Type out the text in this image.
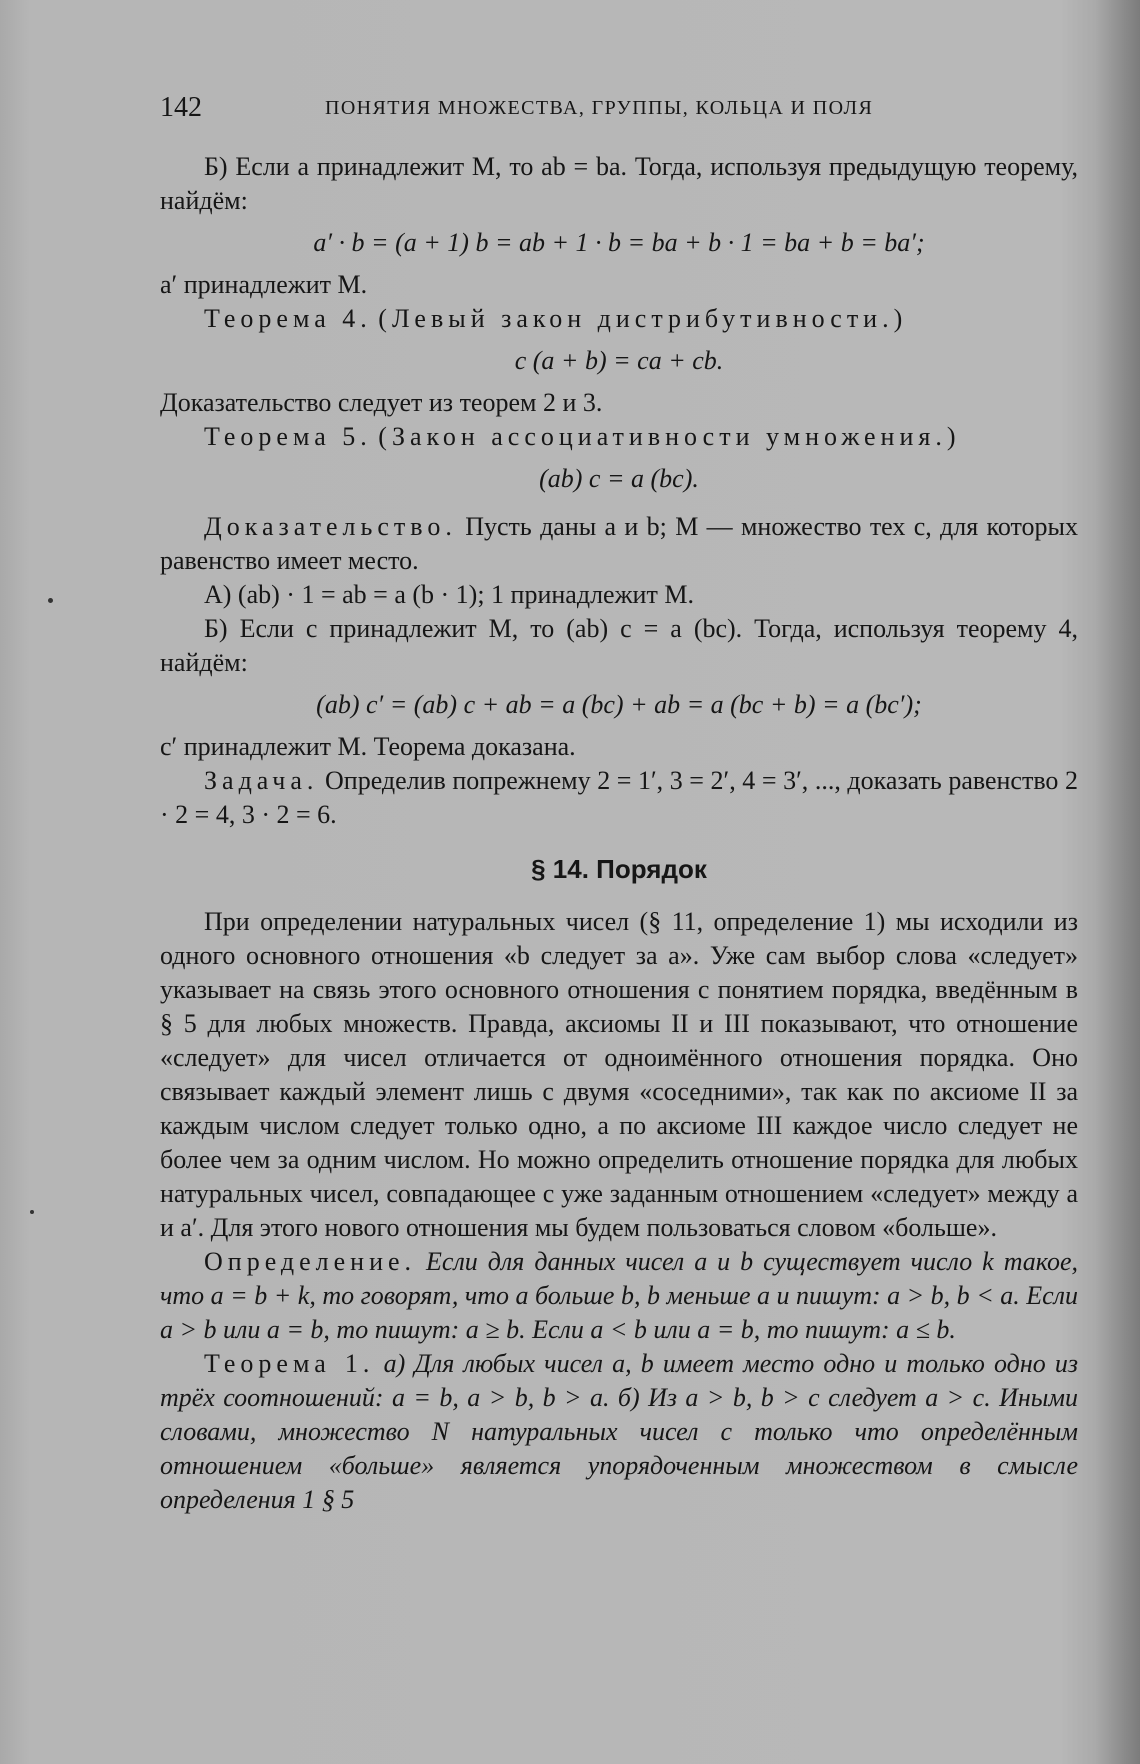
142	ПОНЯТИЯ МНОЖЕСТВА, ГРУППЫ, КОЛЬЦА И ПОЛЯ

Б) Если a принадлежит M, то ab = ba. Тогда, используя предыдущую теорему, найдём:

a′ · b = (a + 1) b = ab + 1 · b = ba + b · 1 = ba + b = ba′;

a′ принадлежит M.

Теорема 4. (Левый закон дистрибутивности.)

c (a + b) = ca + cb.

Доказательство следует из теорем 2 и 3.

Теорема 5. (Закон ассоциативности умножения.)

(ab) c = a (bc).

Доказательство. Пусть даны a и b; M — множество тех c, для которых равенство имеет место.

А) (ab) · 1 = ab = a (b · 1); 1 принадлежит M.

Б) Если c принадлежит M, то (ab) c = a (bc). Тогда, используя теорему 4, найдём:

(ab) c′ = (ab) c + ab = a (bc) + ab = a (bc + b) = a (bc′);

c′ принадлежит M. Теорема доказана.

Задача. Определив попрежнему 2 = 1′, 3 = 2′, 4 = 3′, ..., доказать равенство 2 · 2 = 4, 3 · 2 = 6.

§ 14. Порядок

При определении натуральных чисел (§ 11, определение 1) мы исходили из одного основного отношения «b следует за a». Уже сам выбор слова «следует» указывает на связь этого основного отношения с понятием порядка, введённым в § 5 для любых множеств. Правда, аксиомы II и III показывают, что отношение «следует» для чисел отличается от одноимённого отношения порядка. Оно связывает каждый элемент лишь с двумя «соседними», так как по аксиоме II за каждым числом следует только одно, а по аксиоме III каждое число следует не более чем за одним числом. Но можно определить отношение порядка для любых натуральных чисел, совпадающее с уже заданным отношением «следует» между a и a′. Для этого нового отношения мы будем пользоваться словом «больше».

Определение. Если для данных чисел a и b существует число k такое, что a = b + k, то говорят, что a больше b, b меньше a и пишут: a > b, b < a. Если a > b или a = b, то пишут: a ≥ b. Если a < b или a = b, то пишут: a ≤ b.

Теорема 1. а) Для любых чисел a, b имеет место одно и только одно из трёх соотношений: a = b, a > b, b > a. б) Из a > b, b > c следует a > c. Иными словами, множество N натуральных чисел с только что определённым отношением «больше» является упорядоченным множеством в смысле определения 1 § 5
